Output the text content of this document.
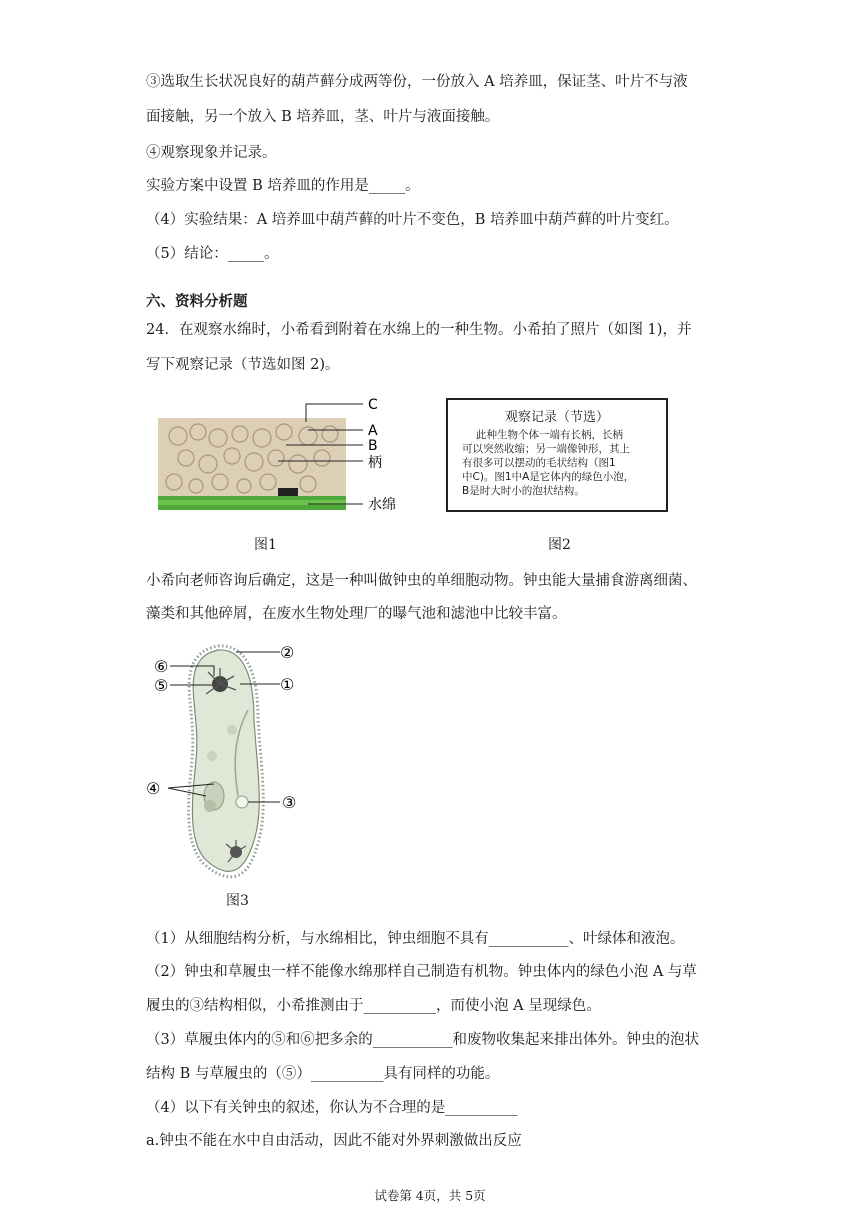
③选取生长状况良好的葫芦藓分成两等份，一份放入 A 培养皿，保证茎、叶片不与液
面接触，另一个放入 B 培养皿，茎、叶片与液面接触。
④观察现象并记录。
实验方案中设置 B 培养皿的作用是_____。
（4）实验结果：A 培养皿中葫芦藓的叶片不变色，B 培养皿中葫芦藓的叶片变红。
（5）结论：_____。
六、资料分析题
24．在观察水绵时，小希看到附着在水绵上的一种生物。小希拍了照片（如图 1)，并
写下观察记录（节选如图 2)。
C
A
B
柄
水绵
图1
观察记录（节选）
此种生物个体一端有长柄，长柄
可以突然收缩；另一端像钟形，其上
有很多可以摆动的毛状结构（图1
中C)。图1中A是它体内的绿色小泡，
B是时大时小的泡状结构。
图2
小希向老师咨询后确定，这是一种叫做钟虫的单细胞动物。钟虫能大量捕食游离细菌、
藻类和其他碎屑，在废水生物处理厂的曝气池和滤池中比较丰富。
⑥
⑤
②
①
④
③
图3
（1）从细胞结构分析，与水绵相比，钟虫细胞不具有___________、叶绿体和液泡。
（2）钟虫和草履虫一样不能像水绵那样自己制造有机物。钟虫体内的绿色小泡 A 与草
履虫的③结构相似，小希推测由于__________，而使小泡 A 呈现绿色。
（3）草履虫体内的⑤和⑥把多余的___________和废物收集起来排出体外。钟虫的泡状
结构 B 与草履虫的（⑤）__________具有同样的功能。
（4）以下有关钟虫的叙述，你认为不合理的是__________
a.钟虫不能在水中自由活动，因此不能对外界刺激做出反应
试卷第 4页，共 5页
